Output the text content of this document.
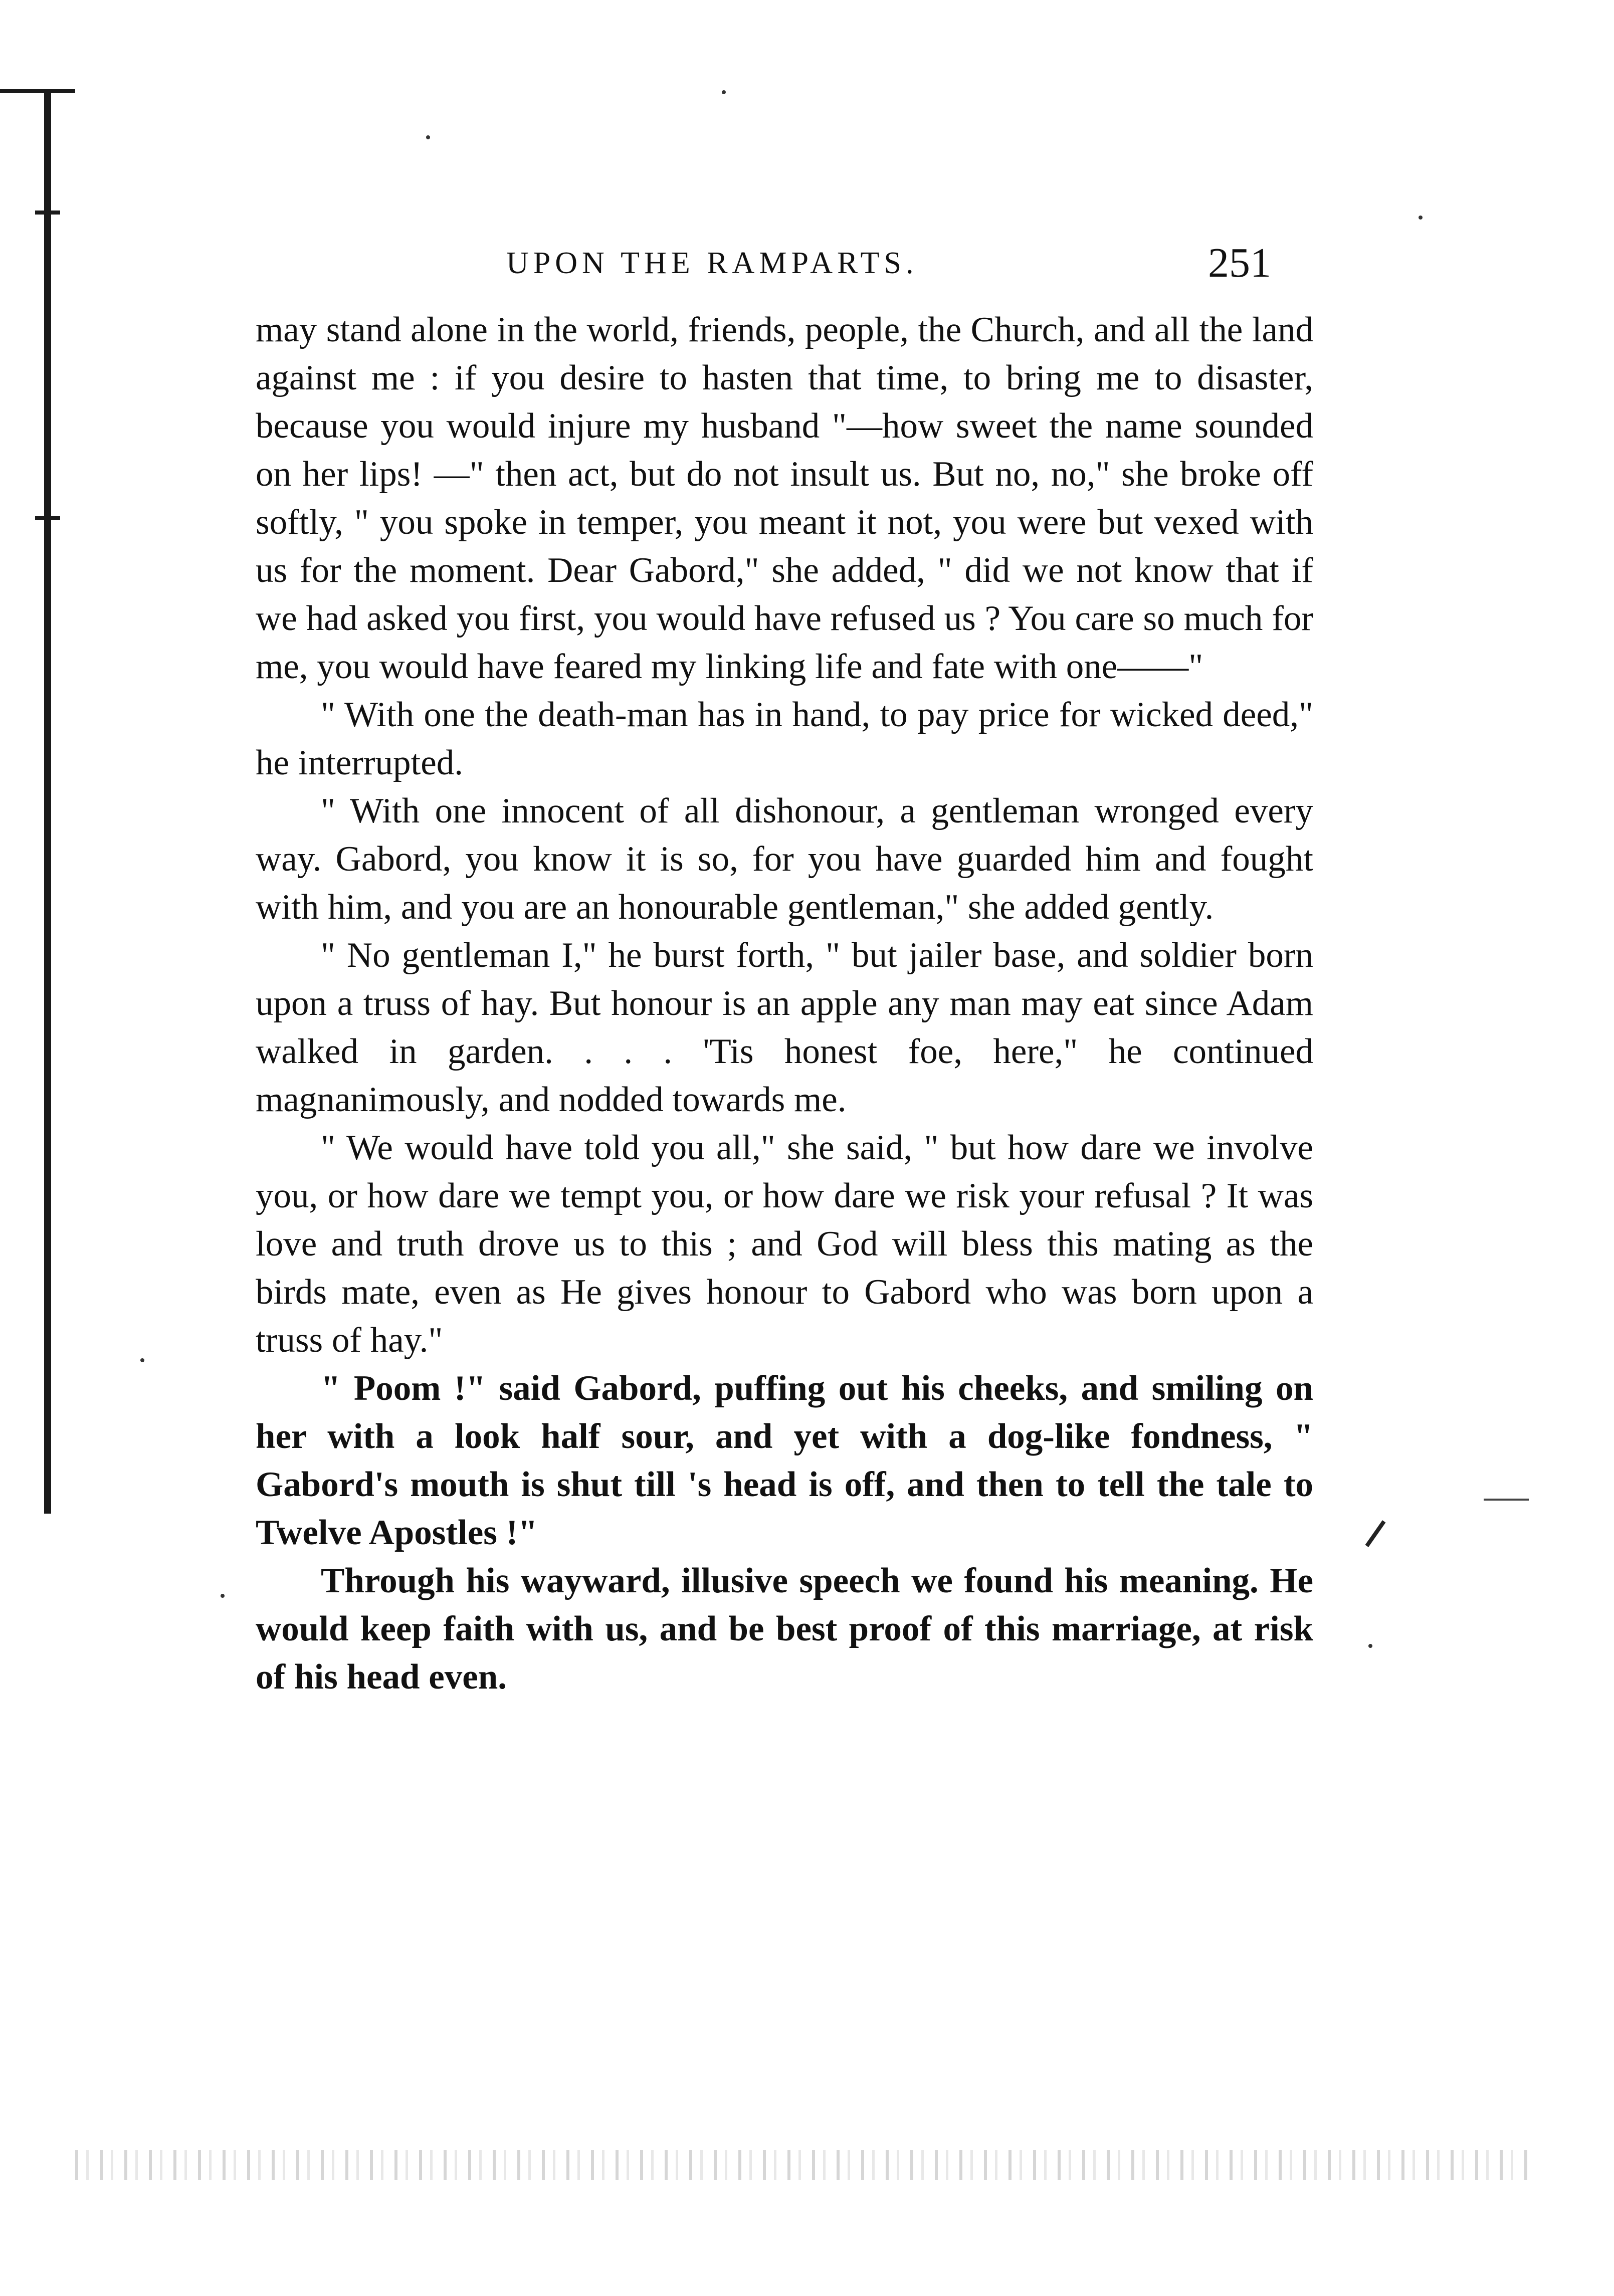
UPON THE RAMPARTS.	251

may stand alone in the world, friends, people, the Church, and all the land against me : if you desire to hasten that time, to bring me to disaster, because you would injure my husband "—how sweet the name sounded on her lips! —" then act, but do not insult us. But no, no," she broke off softly, " you spoke in temper, you meant it not, you were but vexed with us for the moment. Dear Gabord," she added, " did we not know that if we had asked you first, you would have refused us ? You care so much for me, you would have feared my linking life and fate with one——"

" With one the death-man has in hand, to pay price for wicked deed," he interrupted.

" With one innocent of all dishonour, a gentleman wronged every way. Gabord, you know it is so, for you have guarded him and fought with him, and you are an honourable gentleman," she added gently.

" No gentleman I," he burst forth, " but jailer base, and soldier born upon a truss of hay. But honour is an apple any man may eat since Adam walked in garden. . . . 'Tis honest foe, here," he continued magnanimously, and nodded towards me.

" We would have told you all," she said, " but how dare we involve you, or how dare we tempt you, or how dare we risk your refusal ? It was love and truth drove us to this ; and God will bless this mating as the birds mate, even as He gives honour to Gabord who was born upon a truss of hay."

" Poom !" said Gabord, puffing out his cheeks, and smiling on her with a look half sour, and yet with a dog-like fondness, " Gabord's mouth is shut till 's head is off, and then to tell the tale to Twelve Apostles !"

Through his wayward, illusive speech we found his meaning. He would keep faith with us, and be best proof of this marriage, at risk of his head even.
